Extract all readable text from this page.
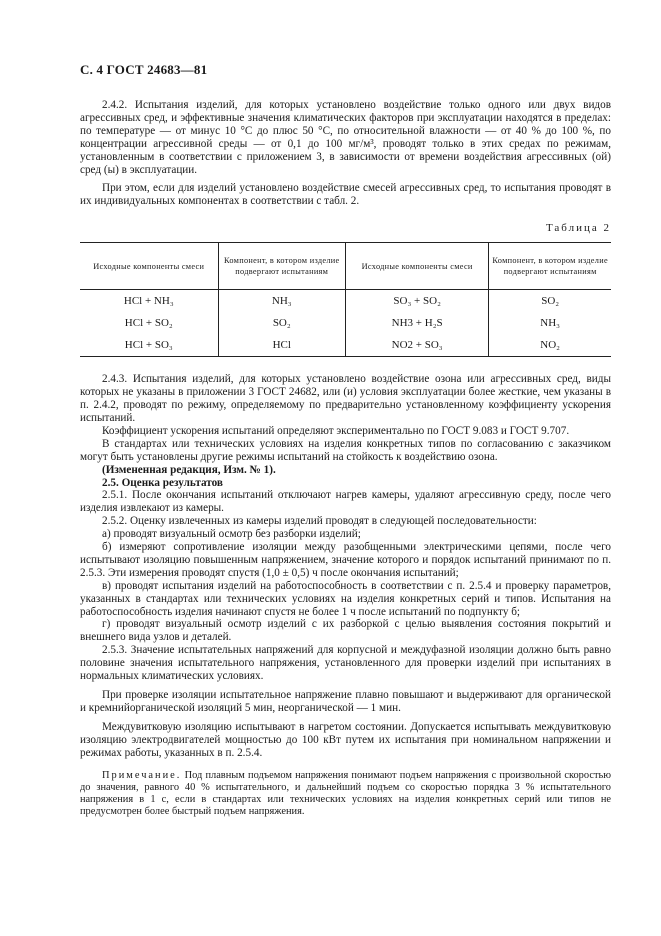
С. 4 ГОСТ 24683—81

2.4.2. Испытания изделий, для которых установлено воздействие только одного или двух видов агрессивных сред, и эффективные значения климатических факторов при эксплуатации находятся в пределах: по температуре — от минус 10 °С до плюс 50 °С, по относительной влажности — от 40 % до 100 %, по концентрации агрессивной среды — от 0,1 до 100 мг/м³, проводят только в этих средах по режимам, установленным в соответствии с приложением 3, в зависимости от времени воздействия агрессивных (ой) сред (ы) в эксплуатации.

При этом, если для изделий установлено воздействие смесей агрессивных сред, то испытания проводят в их индивидуальных компонентах в соответствии с табл. 2.

Таблица 2
Исходные компоненты смеси	Компонент, в котором изделие подвергают испытаниям	Исходные компоненты смеси	Компонент, в котором изделие подвергают испытаниям
HCl + NH₃	NH₃	SO₃ + SO₂	SO₂
HCl + SO₂	SO₂	NH3 + H₂S	NH₃
HCl + SO₃	HCl	NO2 + SO₃	NO₂

2.4.3. Испытания изделий, для которых установлено воздействие озона или агрессивных сред, виды которых не указаны в приложении 3 ГОСТ 24682, или (и) условия эксплуатации более жесткие, чем указаны в п. 2.4.2, проводят по режиму, определяемому по предварительно установленному коэффициенту ускорения испытаний.

Коэффициент ускорения испытаний определяют экспериментально по ГОСТ 9.083 и ГОСТ 9.707.

В стандартах или технических условиях на изделия конкретных типов по согласованию с заказчиком могут быть установлены другие режимы испытаний на стойкость к воздействию озона.

(Измененная редакция, Изм. № 1).

2.5. Оценка результатов

2.5.1. После окончания испытаний отключают нагрев камеры, удаляют агрессивную среду, после чего изделия извлекают из камеры.

2.5.2. Оценку извлеченных из камеры изделий проводят в следующей последовательности:

а) проводят визуальный осмотр без разборки изделий;

б) измеряют сопротивление изоляции между разобщенными электрическими цепями, после чего испытывают изоляцию повышенным напряжением, значение которого и порядок испытаний принимают по п. 2.5.3. Эти измерения проводят спустя (1,0 ± 0,5) ч после окончания испытаний;

в) проводят испытания изделий на работоспособность в соответствии с п. 2.5.4 и проверку параметров, указанных в стандартах или технических условиях на изделия конкретных серий и типов. Испытания на работоспособность изделия начинают спустя не более 1 ч после испытаний по подпункту б;

г) проводят визуальный осмотр изделий с их разборкой с целью выявления состояния покрытий и внешнего вида узлов и деталей.

2.5.3. Значение испытательных напряжений для корпусной и междуфазной изоляции должно быть равно половине значения испытательного напряжения, установленного для проверки изделий при испытаниях в нормальных климатических условиях.

При проверке изоляции испытательное напряжение плавно повышают и выдерживают для органической и кремнийорганической изоляций 5 мин, неорганической — 1 мин.

Междувитковую изоляцию испытывают в нагретом состоянии. Допускается испытывать междувитковую изоляцию электродвигателей мощностью до 100 кВт путем их испытания при номинальном напряжении и режимах работы, указанных в п. 2.5.4.

Примечание. Под плавным подъемом напряжения понимают подъем напряжения с произвольной скоростью до значения, равного 40 % испытательного, и дальнейший подъем со скоростью порядка 3 % испытательного напряжения в 1 с, если в стандартах или технических условиях на изделия конкретных серий или типов не предусмотрен более быстрый подъем напряжения.
